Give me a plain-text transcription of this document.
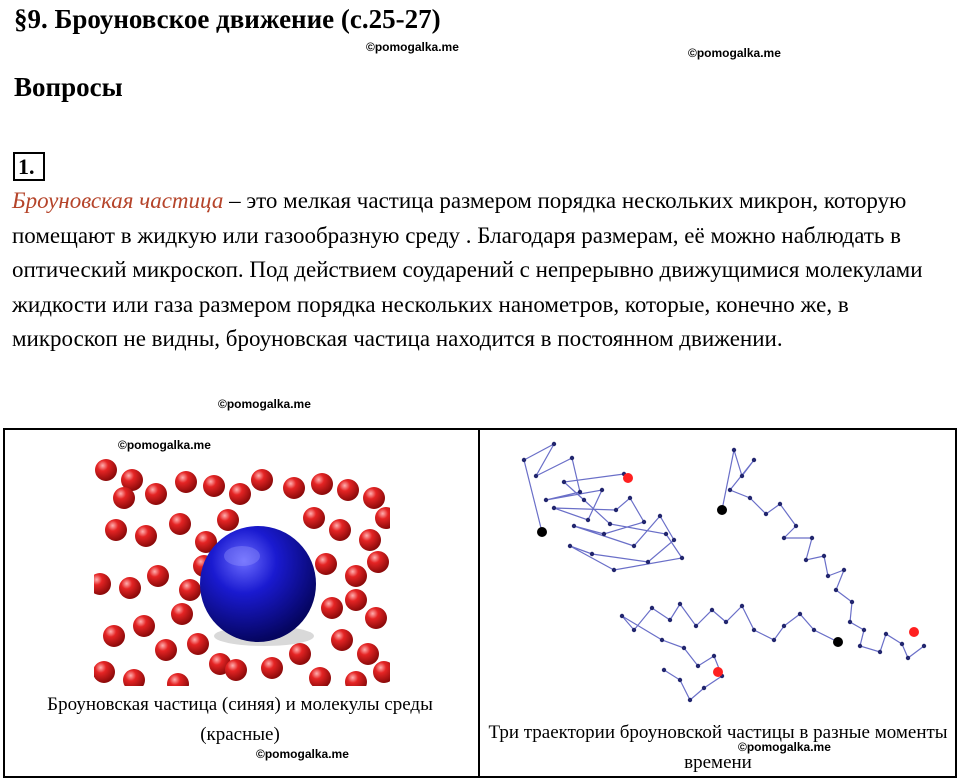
§9. Броуновское движение (с.25-27)
©pomogalka.me	©pomogalka.me
Вопросы
1.
Броуновская частица – это мелкая частица размером порядка нескольких микрон, которую помещают в жидкую или газообразную среду . Благодаря размерам, её можно наблюдать в оптический микроскоп. Под действием соударений с непрерывно движущимися молекулами жидкости или газа размером порядка нескольких нанометров, которые, конечно же, в микроскоп не видны, броуновская частица находится в постоянном движении.
©pomogalka.me
©pomogalka.me
Броуновская частица (синяя) и молекулы среды (красные)
©pomogalka.me
Три траектории броуновской частицы в разные моменты времени
©pomogalka.me
